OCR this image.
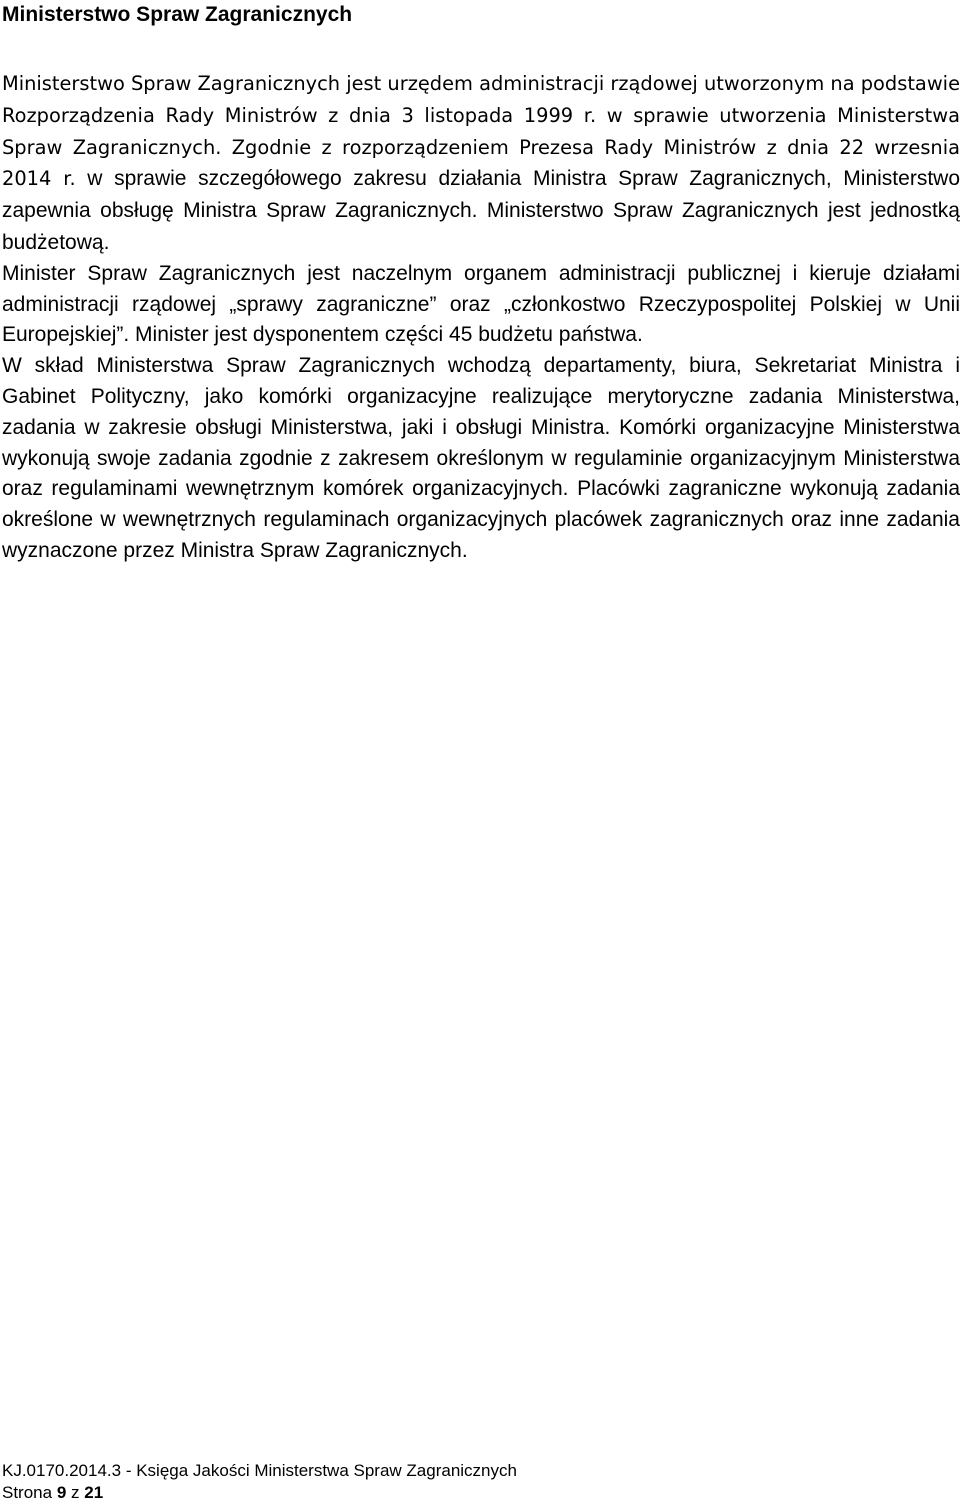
Ministerstwo Spraw Zagranicznych

Ministerstwo Spraw Zagranicznych jest urzędem administracji rządowej utworzonym na podstawie Rozporządzenia Rady Ministrów z dnia 3 listopada 1999 r. w sprawie utworzenia Ministerstwa Spraw Zagranicznych. Zgodnie z rozporządzeniem Prezesa Rady Ministrów z dnia 22 wrzesnia 2014 r. w sprawie szczegółowego zakresu działania Ministra Spraw Zagranicznych, Ministerstwo zapewnia obsługę Ministra Spraw Zagranicznych. Ministerstwo Spraw Zagranicznych jest jednostką budżetową.

Minister Spraw Zagranicznych jest naczelnym organem administracji publicznej i kieruje działami administracji rządowej „sprawy zagraniczne” oraz „członkostwo Rzeczypospolitej Polskiej w Unii Europejskiej”. Minister jest dysponentem części 45 budżetu państwa.

W skład Ministerstwa Spraw Zagranicznych wchodzą departamenty, biura, Sekretariat Ministra i Gabinet Polityczny, jako komórki organizacyjne realizujące merytoryczne zadania Ministerstwa, zadania w zakresie obsługi Ministerstwa, jaki i obsługi Ministra. Komórki organizacyjne Ministerstwa wykonują swoje zadania zgodnie z zakresem określonym w regulaminie organizacyjnym Ministerstwa oraz regulaminami wewnętrznym komórek organizacyjnych. Placówki zagraniczne wykonują zadania określone w wewnętrznych regulaminach organizacyjnych placówek zagranicznych oraz inne zadania wyznaczone przez Ministra Spraw Zagranicznych.

KJ.0170.2014.3 - Księga Jakości Ministerstwa Spraw Zagranicznych
Strona 9 z 21
